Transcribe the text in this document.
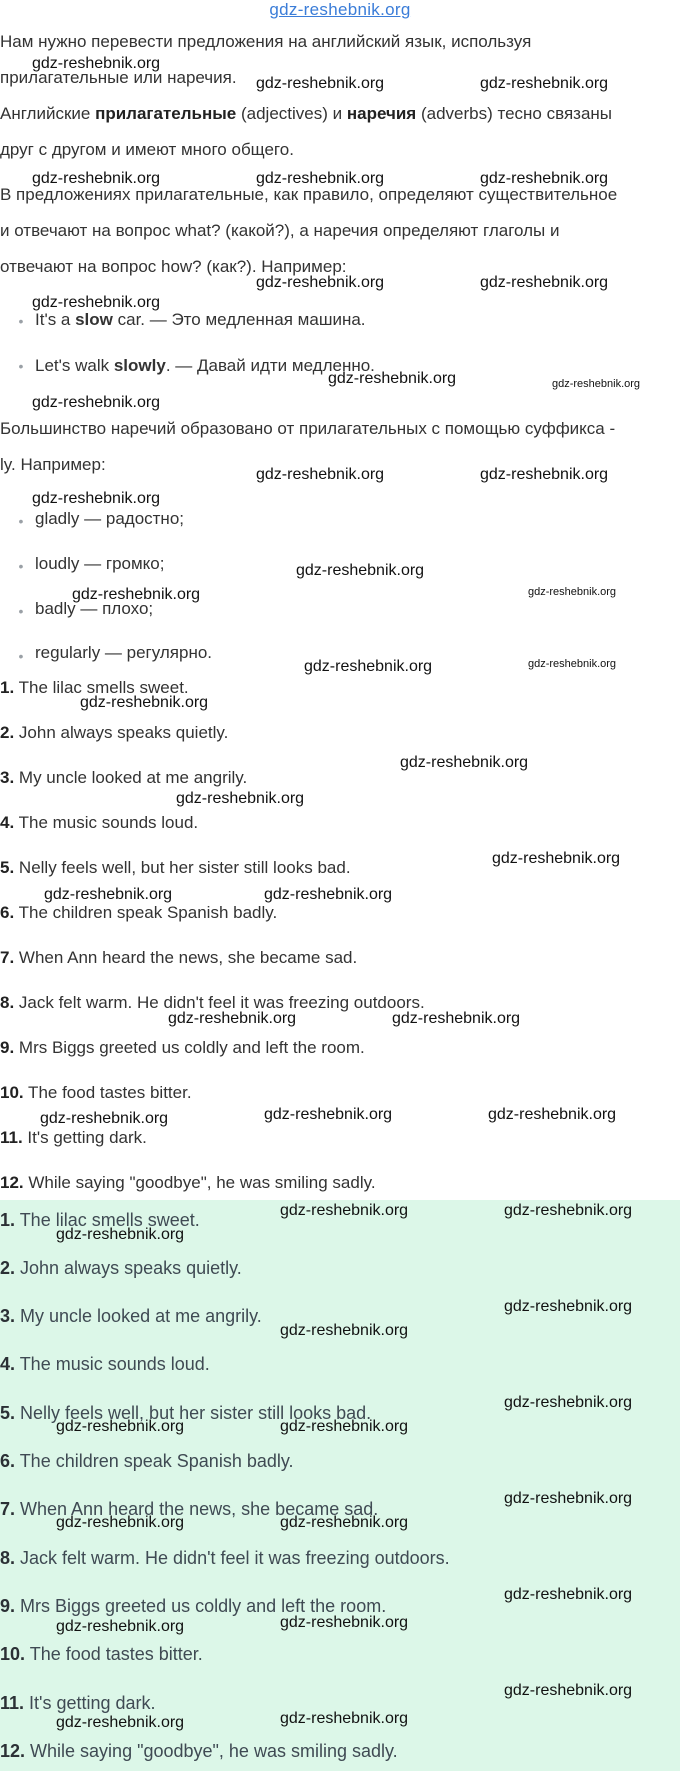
gdz-reshebnik.org
Нам нужно перевести предложения на английский язык, используя
прилагательные или наречия.
Английские прилагательные (adjectives) и наречия (adverbs) тесно связаны
друг с другом и имеют много общего.
В предложениях прилагательные, как правило, определяют существительное
и отвечают на вопрос what? (какой?), а наречия определяют глаголы и
отвечают на вопрос how? (как?). Например:
• It's a slow car. — Это медленная машина.
• Let's walk slowly. — Давай идти медленно.
Большинство наречий образовано от прилагательных с помощью суффикса -
ly. Например:
• gladly — радостно;
• loudly — громко;
• badly — плохо;
• regularly — регулярно.
1. The lilac smells sweet.
2. John always speaks quietly.
3. My uncle looked at me angrily.
4. The music sounds loud.
5. Nelly feels well, but her sister still looks bad.
6. The children speak Spanish badly.
7. When Ann heard the news, she became sad.
8. Jack felt warm. He didn't feel it was freezing outdoors.
9. Mrs Biggs greeted us coldly and left the room.
10. The food tastes bitter.
11. It's getting dark.
12. While saying "goodbye", he was smiling sadly.
1. The lilac smells sweet.
2. John always speaks quietly.
3. My uncle looked at me angrily.
4. The music sounds loud.
5. Nelly feels well, but her sister still looks bad.
6. The children speak Spanish badly.
7. When Ann heard the news, she became sad.
8. Jack felt warm. He didn't feel it was freezing outdoors.
9. Mrs Biggs greeted us coldly and left the room.
10. The food tastes bitter.
11. It's getting dark.
12. While saying "goodbye", he was smiling sadly.
gdz-reshebnik.org
gdz-reshebnik.org	gdz-reshebnik.org
gdz-reshebnik.org	gdz-reshebnik.org	gdz-reshebnik.org
gdz-reshebnik.org	gdz-reshebnik.org
gdz-reshebnik.org
gdz-reshebnik.org	gdz-reshebnik.org
gdz-reshebnik.org
gdz-reshebnik.org	gdz-reshebnik.org
gdz-reshebnik.org
gdz-reshebnik.org
gdz-reshebnik.org
gdz-reshebnik.org
gdz-reshebnik.org	gdz-reshebnik.org
gdz-reshebnik.org
gdz-reshebnik.org
gdz-reshebnik.org
gdz-reshebnik.org
gdz-reshebnik.org	gdz-reshebnik.org
gdz-reshebnik.org	gdz-reshebnik.org
gdz-reshebnik.org	gdz-reshebnik.org
gdz-reshebnik.org
gdz-reshebnik.org	gdz-reshebnik.org
gdz-reshebnik.org
gdz-reshebnik.org
gdz-reshebnik.org
gdz-reshebnik.org
gdz-reshebnik.org	gdz-reshebnik.org
gdz-reshebnik.org
gdz-reshebnik.org	gdz-reshebnik.org
gdz-reshebnik.org
gdz-reshebnik.org
gdz-reshebnik.org
gdz-reshebnik.org
gdz-reshebnik.org
gdz-reshebnik.org
